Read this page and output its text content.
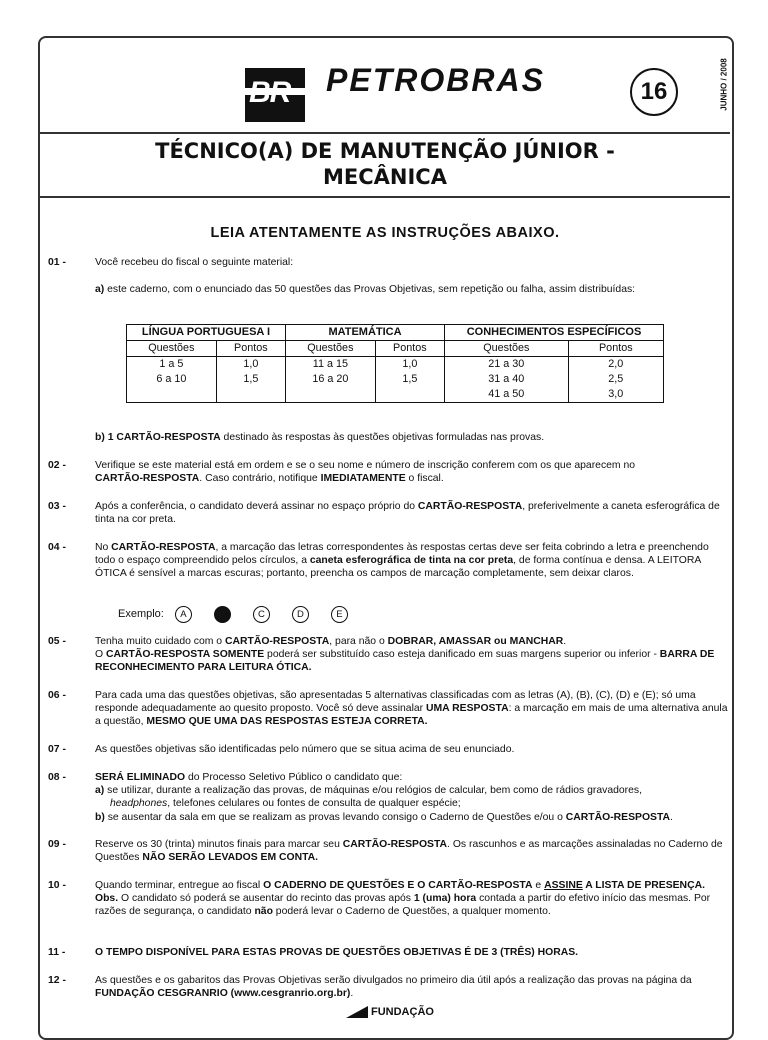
BR PETROBRAS	16	JUNHO / 2008
TÉCNICO(A) DE MANUTENÇÃO JÚNIOR -
MECÂNICA
LEIA ATENTAMENTE AS INSTRUÇÕES ABAIXO.
01 -	Você recebeu do fiscal o seguinte material:
a) este caderno, com o enunciado das 50 questões das Provas Objetivas, sem repetição ou falha, assim distribuídas:
LÍNGUA PORTUGUESA I		MATEMÁTICA		CONHECIMENTOS ESPECÍFICOS	
Questões	Pontos	Questões	Pontos	Questões	Pontos
1 a 5	1,0	11 a 15	1,0	21 a 30	2,0
6 a 10	1,5	16 a 20	1,5	31 a 40	2,5
				41 a 50	3,0
b) 1 CARTÃO-RESPOSTA destinado às respostas às questões objetivas formuladas nas provas.
02 -	Verifique se este material está em ordem e se o seu nome e número de inscrição conferem com os que aparecem no
CARTÃO-RESPOSTA. Caso contrário, notifique IMEDIATAMENTE o fiscal.
03 -	Após a conferência, o candidato deverá assinar no espaço próprio do CARTÃO-RESPOSTA, preferivelmente a caneta esferográfica de tinta na cor preta.
04 -	No CARTÃO-RESPOSTA, a marcação das letras correspondentes às respostas certas deve ser feita cobrindo a letra e preenchendo todo o espaço compreendido pelos círculos, a caneta esferográfica de tinta na cor preta, de forma contínua e densa. A LEITORA ÓTICA é sensível a marcas escuras; portanto, preencha os campos de marcação completamente, sem deixar claros.
Exemplo: A	C	D	E
05 -	Tenha muito cuidado com o CARTÃO-RESPOSTA, para não o DOBRAR, AMASSAR ou MANCHAR.
O CARTÃO-RESPOSTA SOMENTE poderá ser substituído caso esteja danificado em suas margens superior ou inferior - BARRA DE RECONHECIMENTO PARA LEITURA ÓTICA.
06 -	Para cada uma das questões objetivas, são apresentadas 5 alternativas classificadas com as letras (A), (B), (C), (D) e (E); só uma responde adequadamente ao quesito proposto. Você só deve assinalar UMA RESPOSTA: a marcação em mais de uma alternativa anula a questão, MESMO QUE UMA DAS RESPOSTAS ESTEJA CORRETA.
07 -	As questões objetivas são identificadas pelo número que se situa acima de seu enunciado.
08 -	SERÁ ELIMINADO do Processo Seletivo Público o candidato que:
a) se utilizar, durante a realização das provas, de máquinas e/ou relógios de calcular, bem como de rádios gravadores,
headphones, telefones celulares ou fontes de consulta de qualquer espécie;
b) se ausentar da sala em que se realizam as provas levando consigo o Caderno de Questões e/ou o CARTÃO-RESPOSTA.
09 -	Reserve os 30 (trinta) minutos finais para marcar seu CARTÃO-RESPOSTA. Os rascunhos e as marcações assinaladas no Caderno de Questões NÃO SERÃO LEVADOS EM CONTA.
10 -	Quando terminar, entregue ao fiscal O CADERNO DE QUESTÕES E O CARTÃO-RESPOSTA e ASSINE A LISTA DE PRESENÇA.
Obs. O candidato só poderá se ausentar do recinto das provas após 1 (uma) hora contada a partir do efetivo início das mesmas. Por razões de segurança, o candidato não poderá levar o Caderno de Questões, a qualquer momento.
11 -	O TEMPO DISPONÍVEL PARA ESTAS PROVAS DE QUESTÕES OBJETIVAS É DE 3 (TRÊS) HORAS.
12 -	As questões e os gabaritos das Provas Objetivas serão divulgados no primeiro dia útil após a realização das provas na página da FUNDAÇÃO CESGRANRIO (www.cesgranrio.org.br).
FUNDAÇÃO
